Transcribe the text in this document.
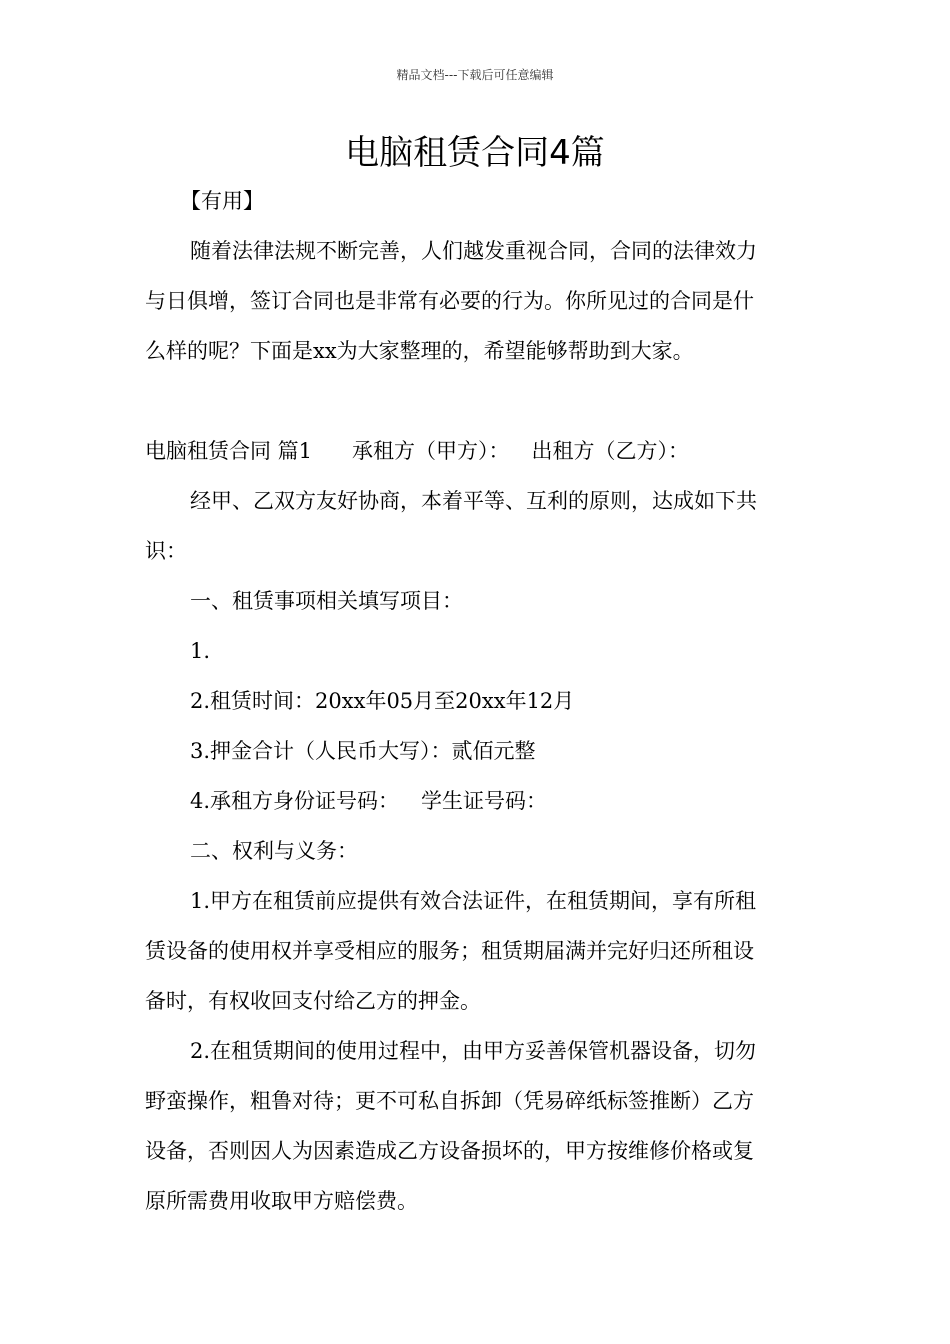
精品文档---下载后可任意编辑
电脑租赁合同4篇
【有用】
随着法律法规不断完善，人们越发重视合同，合同的法律效力
与日俱增，签订合同也是非常有必要的行为。你所见过的合同是什
么样的呢？下面是xx为大家整理的，希望能够帮助到大家。
电脑租赁合同 篇1 承租方（甲方）： 出租方（乙方）：
经甲、乙双方友好协商，本着平等、互利的原则，达成如下共
识：
一、租赁事项相关填写项目：
1.
2.租赁时间：20xx年05月至20xx年12月
3.押金合计（人民币大写）：贰佰元整
4.承租方身份证号码： 学生证号码：
二、权利与义务：
1.甲方在租赁前应提供有效合法证件，在租赁期间，享有所租
赁设备的使用权并享受相应的服务；租赁期届满并完好归还所租设
备时，有权收回支付给乙方的押金。
2.在租赁期间的使用过程中，由甲方妥善保管机器设备，切勿
野蛮操作，粗鲁对待；更不可私自拆卸（凭易碎纸标签推断）乙方
设备，否则因人为因素造成乙方设备损坏的，甲方按维修价格或复
原所需费用收取甲方赔偿费。
